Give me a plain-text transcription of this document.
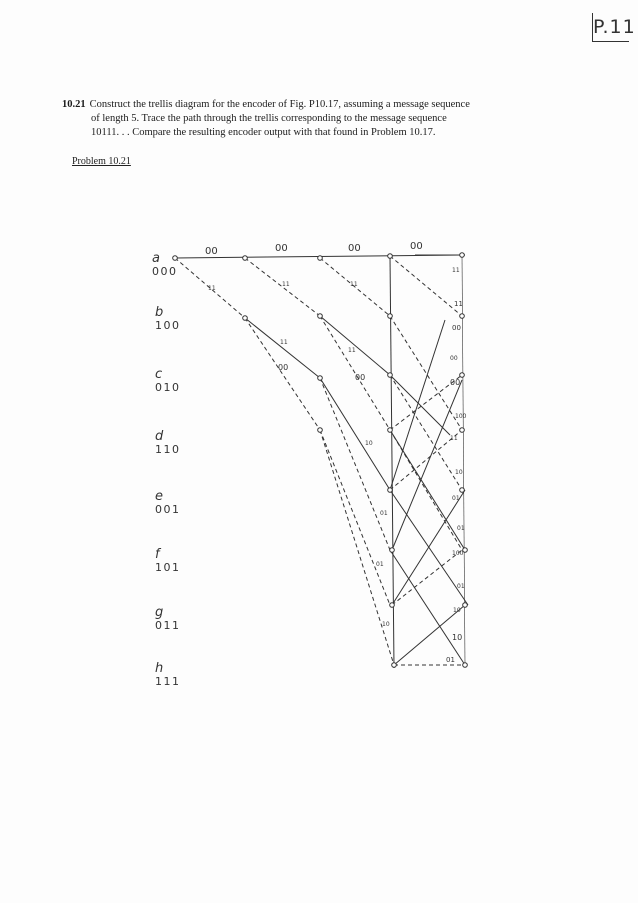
P.11
10.21 Construct the trellis diagram for the encoder of Fig. P10.17, assuming a message sequence
of length 5. Trace the path through the trellis corresponding to the message sequence
10111. . . Compare the resulting encoder output with that found in Problem 10.17.
Problem 10.21
a
000
b
100
c
010
d
110
e
001
f
101
g
011
h
111
00	00	00	00
11
11	11
11
00
11
00
00
10
01
01
10
11
00
11
00
100
11
10
01
01
100
01
10
10
01
